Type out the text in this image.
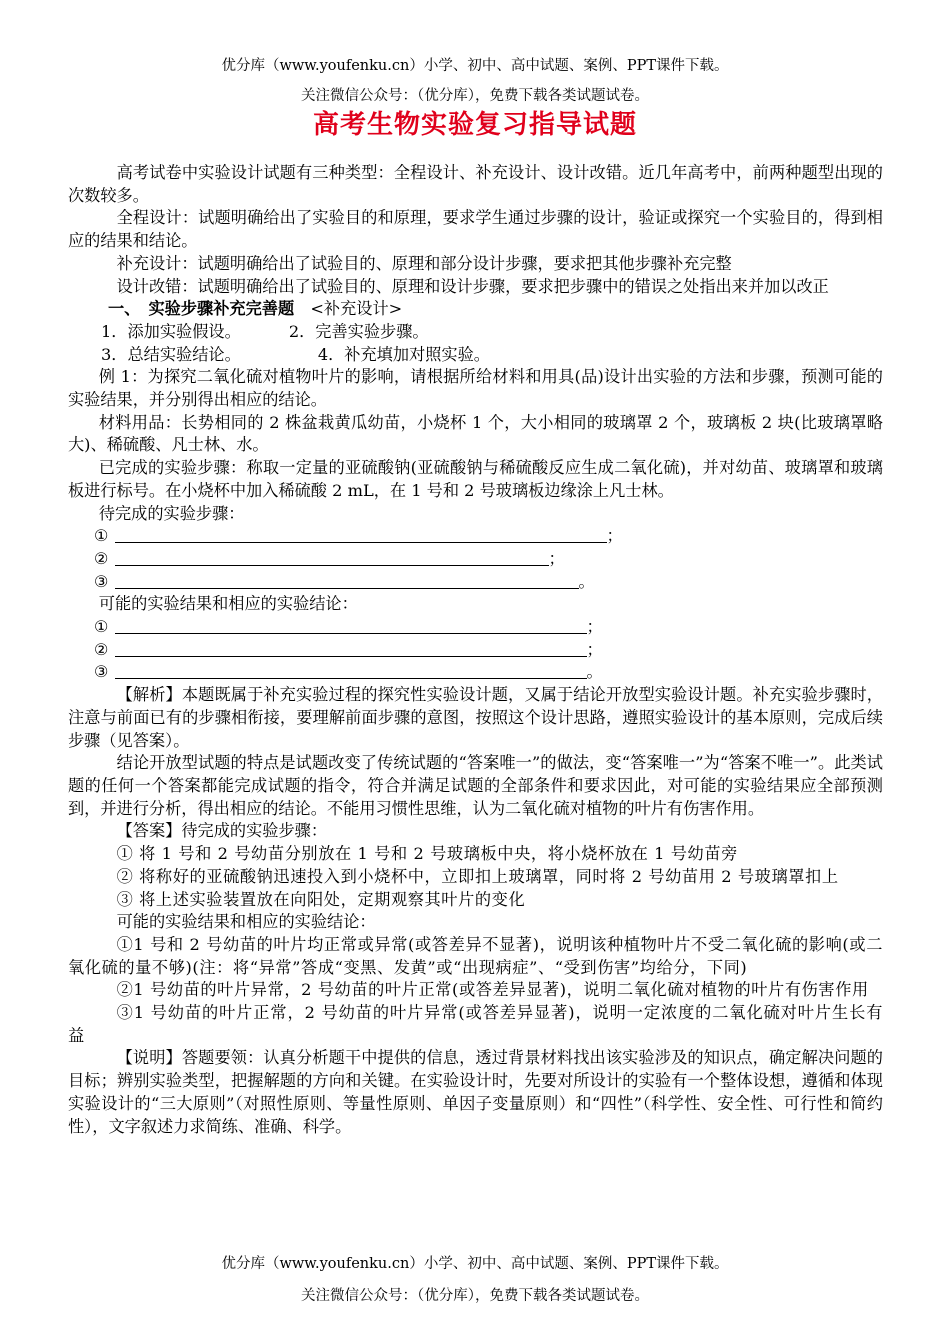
优分库（www.youfenku.cn）小学、初中、高中试题、案例、PPT课件下载。
关注微信公众号：（优分库），免费下载各类试题试卷。
高考生物实验复习指导试题

高考试卷中实验设计试题有三种类型：全程设计、补充设计、设计改错。近几年高考中，前两种题型出现的次数较多。

全程设计：试题明确给出了实验目的和原理，要求学生通过步骤的设计，验证或探究一个实验目的，得到相应的结果和结论。

补充设计：试题明确给出了试验目的、原理和部分设计步骤，要求把其他步骤补充完整

设计改错：试题明确给出了试验目的、原理和设计步骤，要求把步骤中的错误之处指出来并加以改正

一、　实验步骤补充完善题　 <补充设计>
1．添加实验假设。	2．完善实验步骤。
3．总结实验结论。	4．补充填加对照实验。

例 1：为探究二氧化硫对植物叶片的影响，请根据所给材料和用具(品)设计出实验的方法和步骤，预测可能的实验结果，并分别得出相应的结论。

材料用品：长势相同的 2 株盆栽黄瓜幼苗，小烧杯 1 个，大小相同的玻璃罩 2 个，玻璃板 2 块(比玻璃罩略大)、稀硫酸、凡士林、水。

已完成的实验步骤：称取一定量的亚硫酸钠(亚硫酸钠与稀硫酸反应生成二氧化硫)，并对幼苗、玻璃罩和玻璃板进行标号。在小烧杯中加入稀硫酸 2 mL，在 1 号和 2 号玻璃板边缘涂上凡士林。

待完成的实验步骤：

①	；
②	；
③	。

可能的实验结果和相应的实验结论：

①	；
②	；
③	。

【解析】本题既属于补充实验过程的探究性实验设计题，又属于结论开放型实验设计题。补充实验步骤时，注意与前面已有的步骤相衔接，要理解前面步骤的意图，按照这个设计思路，遵照实验设计的基本原则，完成后续步骤（见答案）。

结论开放型试题的特点是试题改变了传统试题的“答案唯一”的做法，变“答案唯一”为“答案不唯一”。此类试题的任何一个答案都能完成试题的指令，符合并满足试题的全部条件和要求因此，对可能的实验结果应全部预测到，并进行分析，得出相应的结论。不能用习惯性思维，认为二氧化硫对植物的叶片有伤害作用。

【答案】待完成的实验步骤：

① 将 1 号和 2 号幼苗分别放在 1 号和 2 号玻璃板中央，将小烧杯放在 1 号幼苗旁

② 将称好的亚硫酸钠迅速投入到小烧杯中，立即扣上玻璃罩，同时将 2 号幼苗用 2 号玻璃罩扣上

③ 将上述实验装置放在向阳处，定期观察其叶片的变化

可能的实验结果和相应的实验结论：

①1 号和 2 号幼苗的叶片均正常或异常(或答差异不显著)，说明该种植物叶片不受二氧化硫的影响(或二氧化硫的量不够)(注：将“异常”答成“变黑、发黄”或“出现病症”、“受到伤害”均给分，下同)

②1 号幼苗的叶片异常，2 号幼苗的叶片正常(或答差异显著)，说明二氧化硫对植物的叶片有伤害作用

③1 号幼苗的叶片正常，2 号幼苗的叶片异常(或答差异显著)，说明一定浓度的二氧化硫对叶片生长有益

【说明】答题要领：认真分析题干中提供的信息，透过背景材料找出该实验涉及的知识点，确定解决问题的目标；辨别实验类型，把握解题的方向和关键。在实验设计时，先要对所设计的实验有一个整体设想，遵循和体现实验设计的“三大原则”（对照性原则、等量性原则、单因子变量原则）和“四性”（科学性、安全性、可行性和简约性），文字叙述力求简练、准确、科学。

优分库（www.youfenku.cn）小学、初中、高中试题、案例、PPT课件下载。
关注微信公众号：（优分库），免费下载各类试题试卷。
